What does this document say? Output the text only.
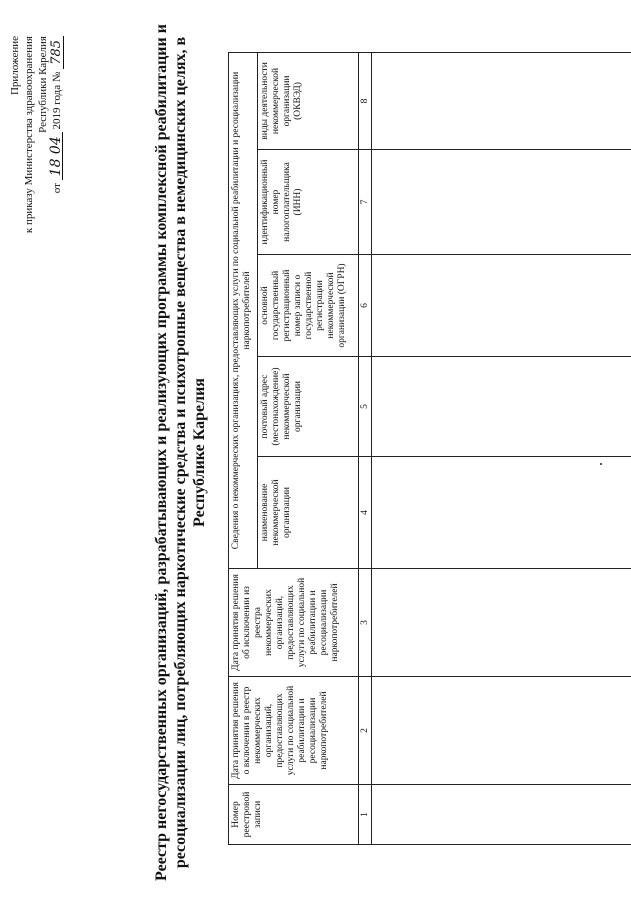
Приложение к приказу Министерства здравоохранения Республики Карелия
от 18 04 2019 года № 785	Реестр негосударственных организаций, разрабатывающих и реализующих программы комплексной реабилитации и ресоциализации лиц, потребляющих наркотические средства и психотропные вещества в немедицинских целях, в Республике Карелия
Номер реестровой записи	Дата принятия решения о включении в реестр некоммерческих организаций, предоставляющих услуги по социальной реабилитации и ресоциализации наркопотребителей	Дата принятия решения об исключении из реестра некоммерческих организаций, предоставляющих услуги по социальной реабилитации и ресоциализации наркопотребителей	Сведения о некоммерческих организациях, предоставляющих услуги по социальной реабилитации и ресоциализации наркопотребителей				
			наименование некоммерческой организации	почтовый адрес (местонахождение) некоммерческой организации	основной государственный регистрационный номер записи о государственной регистрации некоммерческой организации (ОГРН)	идентификационный номер налогоплательщика (ИНН)	виды деятельности некоммерческой организации (ОКВЭД)
1	2	3	4	5	6	7	8
